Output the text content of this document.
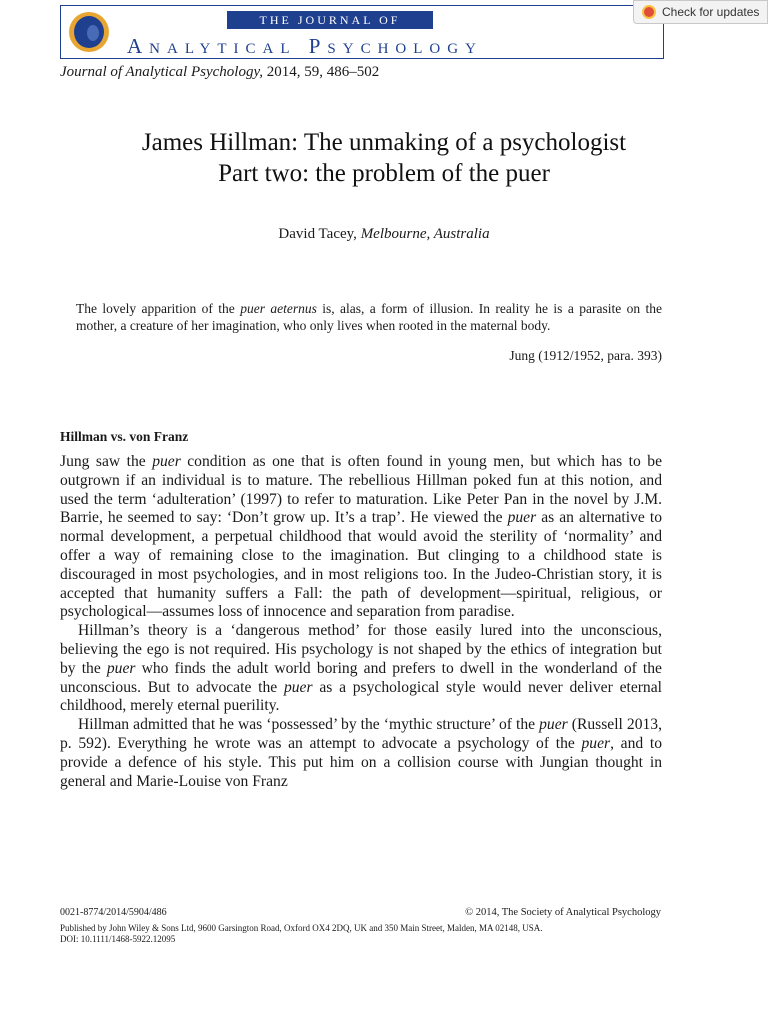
THE JOURNAL OF
Analytical Psychology
Check for updates
Journal of Analytical Psychology, 2014, 59, 486–502
James Hillman: The unmaking of a psychologist
Part two: the problem of the puer
David Tacey, Melbourne, Australia
The lovely apparition of the puer aeternus is, alas, a form of illusion. In reality he is a parasite on the mother, a creature of her imagination, who only lives when rooted in the maternal body.
Jung (1912/1952, para. 393)
Hillman vs. von Franz

Jung saw the puer condition as one that is often found in young men, but which has to be outgrown if an individual is to mature. The rebellious Hillman poked fun at this notion, and used the term ‘adulteration’ (1997) to refer to maturation. Like Peter Pan in the novel by J.M. Barrie, he seemed to say: ‘Don’t grow up. It’s a trap’. He viewed the puer as an alternative to normal development, a perpetual childhood that would avoid the sterility of ‘normality’ and offer a way of remaining close to the imagination. But clinging to a childhood state is discouraged in most psychologies, and in most religions too. In the Judeo-Christian story, it is accepted that humanity suffers a Fall: the path of development—spiritual, religious, or psychological—assumes loss of innocence and separation from paradise.

Hillman’s theory is a ‘dangerous method’ for those easily lured into the unconscious, believing the ego is not required. His psychology is not shaped by the ethics of integration but by the puer who finds the adult world boring and prefers to dwell in the wonderland of the unconscious. But to advocate the puer as a psychological style would never deliver eternal childhood, merely eternal puerility.

Hillman admitted that he was ‘possessed’ by the ‘mythic structure’ of the puer (Russell 2013, p. 592). Everything he wrote was an attempt to advocate a psychology of the puer, and to provide a defence of his style. This put him on a collision course with Jungian thought in general and Marie-Louise von Franz

0021-8774/2014/5904/486	© 2014, The Society of Analytical Psychology
Published by John Wiley & Sons Ltd, 9600 Garsington Road, Oxford OX4 2DQ, UK and 350 Main Street, Malden, MA 02148, USA.
DOI: 10.1111/1468-5922.12095
